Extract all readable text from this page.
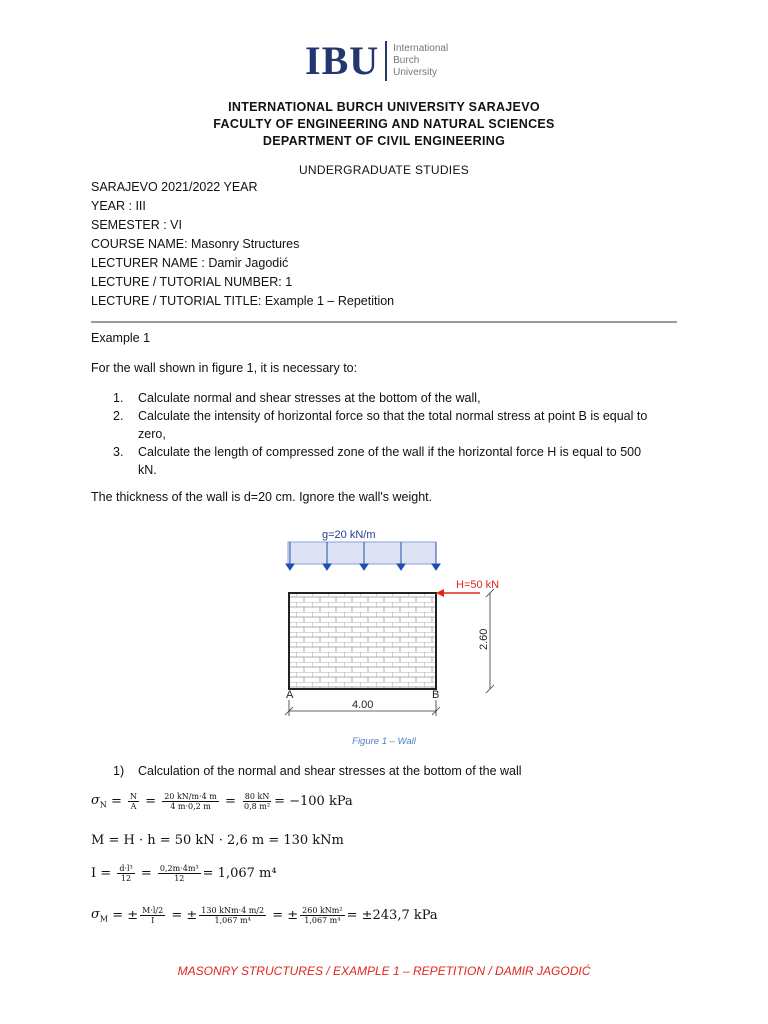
IBU International
Burch
University
INTERNATIONAL BURCH UNIVERSITY SARAJEVO
FACULTY OF ENGINEERING AND NATURAL SCIENCES
DEPARTMENT OF CIVIL ENGINEERING
UNDERGRADUATE STUDIES
SARAJEVO 2021/2022 YEAR
YEAR : III
SEMESTER : VI
COURSE NAME: Masonry Structures
LECTURER NAME : Damir Jagodić
LECTURE / TUTORIAL NUMBER: 1
LECTURE / TUTORIAL TITLE: Example 1 – Repetition
Example 1
For the wall shown in figure 1, it is necessary to:
1.	Calculate normal and shear stresses at the bottom of the wall,
2.	Calculate the intensity of horizontal force so that the total normal stress at point B is equal to
zero,
3.	Calculate the length of compressed zone of the wall if the horizontal force H is equal to 500
kN.
The thickness of the wall is d=20 cm. Ignore the wall's weight.
g=20 kN/m
H=50 kN
2.60
A	B
4.00
Figure 1 – Wall
1)	Calculation of the normal and shear stresses at the bottom of the wall
$\sigma_N = \frac{N}{A} = \frac{20 kN/m\cdot 4 m}{4 m\cdot 0,2 m} = \frac{80 kN}{\text{0,8 m²}} = -100$ kPa
M = H · h = 50 kN · 2,6 m = 130 kNm
I =
$\frac{\text{d·l³}}{12} = \frac{\text{0,2m·4m³}}{12} = 1,067$ m⁴
$\sigma_M$ = ± $\frac{M\cdot l/2}{I}$ = ± $\frac{\text{130 kNm·4 m/2}}{\text{1,067 m⁴}}$ = ± $\frac{\text{260 kNm²}}{\text{1,067 m⁴}} = \pm 243,7$ kPa
MASONRY STRUCTURES / EXAMPLE 1 – REPETITION / DAMIR JAGODIĆ
